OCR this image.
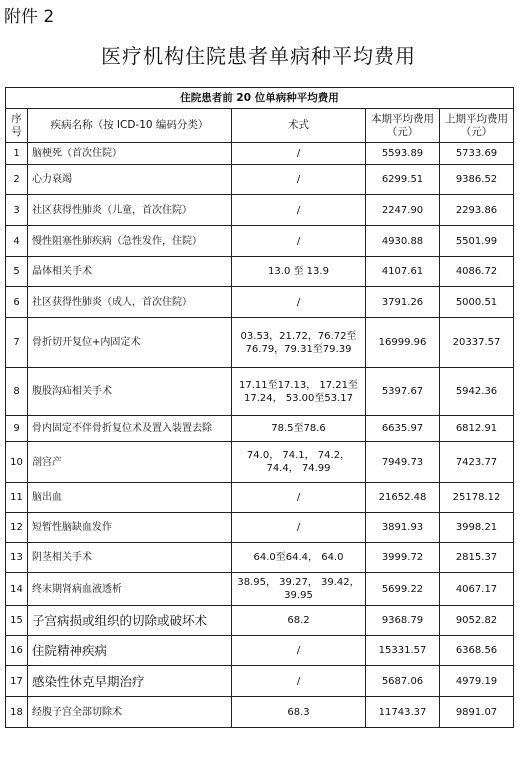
附件 2
医疗机构住院患者单病种平均费用
住院患者前 20 位单病种平均费用				
序号	疾病名称（按 ICD-10 编码分类）	术式	本期平均费用（元）	上期平均费用（元）
1	脑梗死（首次住院）	/	5593.89	5733.69
2	心力衰竭	/	6299.51	9386.52
3	社区获得性肺炎（儿童，首次住院）	/	2247.90	2293.86
4	慢性阻塞性肺疾病（急性发作，住院）	/	4930.88	5501.99
5	晶体相关手术	13.0 至 13.9	4107.61	4086.72
6	社区获得性肺炎（成人，首次住院）	/	3791.26	5000.51
7	骨折切开复位+内固定术	03.53，21.72，76.72至76.79，79.31至79.39	16999.96	20337.57
8	腹股沟疝相关手术	17.11至17.13， 17.21至17.24， 53.00至53.17	5397.67	5942.36
9	骨内固定不伴骨折复位术及置入装置去除	78.5至78.6	6635.97	6812.91
10	剖宫产	74.0， 74.1， 74.2， 74.4， 74.99	7949.73	7423.77
11	脑出血	/	21652.48	25178.12
12	短暂性脑缺血发作	/	3891.93	3998.21
13	阴茎相关手术	64.0至64.4， 64.0	3999.72	2815.37
14	终末期肾病血液透析	38.95， 39.27， 39.42， 39.95	5699.22	4067.17
15	子宫病损或组织的切除或破坏术	68.2	9368.79	9052.82
16	住院精神疾病	/	15331.57	6368.56
17	感染性休克早期治疗	/	5687.06	4979.19
18	经腹子宫全部切除术	68.3	11743.37	9891.07
